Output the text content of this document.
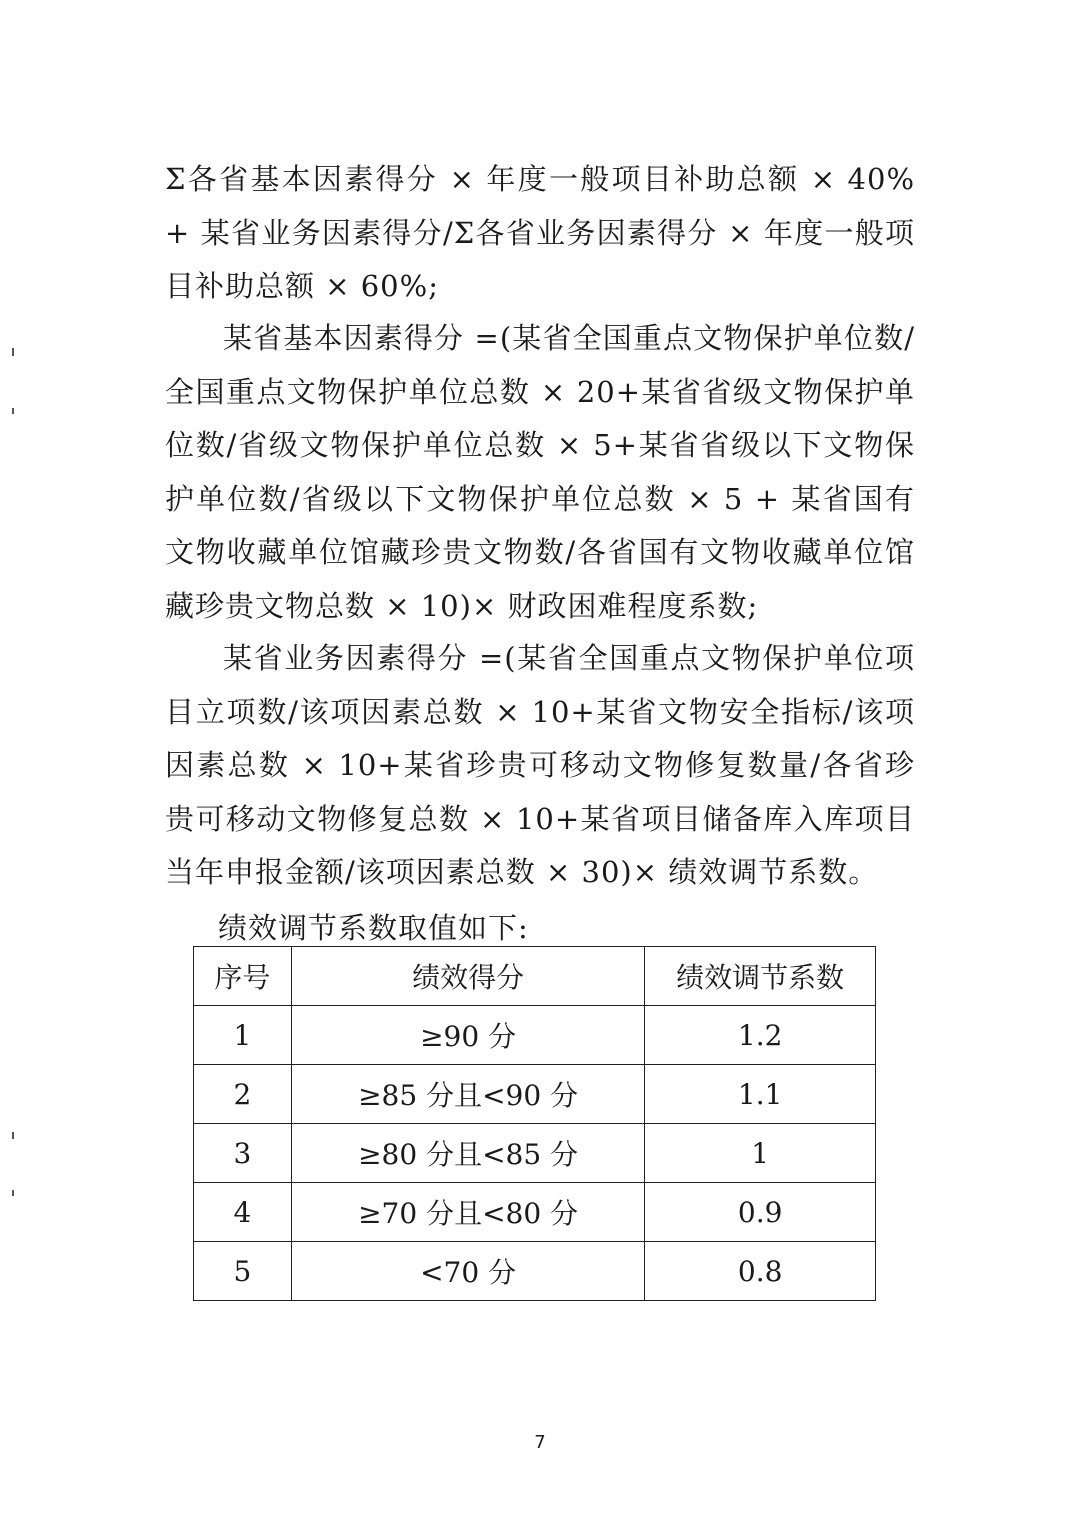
Σ各省基本因素得分 × 年度一般项目补助总额 × 40% + 某省业务因素得分/Σ各省业务因素得分 × 年度一般项目补助总额 × 60%;

某省基本因素得分 =(某省全国重点文物保护单位数/全国重点文物保护单位总数 × 20+某省省级文物保护单位数/省级文物保护单位总数 × 5+某省省级以下文物保护单位数/省级以下文物保护单位总数 × 5 + 某省国有文物收藏单位馆藏珍贵文物数/各省国有文物收藏单位馆藏珍贵文物总数 × 10)× 财政困难程度系数;

某省业务因素得分 =(某省全国重点文物保护单位项目立项数/该项因素总数 × 10+某省文物安全指标/该项因素总数 × 10+某省珍贵可移动文物修复数量/各省珍贵可移动文物修复总数 × 10+某省项目储备库入库项目当年申报金额/该项因素总数 × 30)× 绩效调节系数。

绩效调节系数取值如下:

序号	绩效得分	绩效调节系数
1	≥90 分	1.2
2	≥85 分且<90 分	1.1
3	≥80 分且<85 分	1
4	≥70 分且<80 分	0.9
5	<70 分	0.8
7
